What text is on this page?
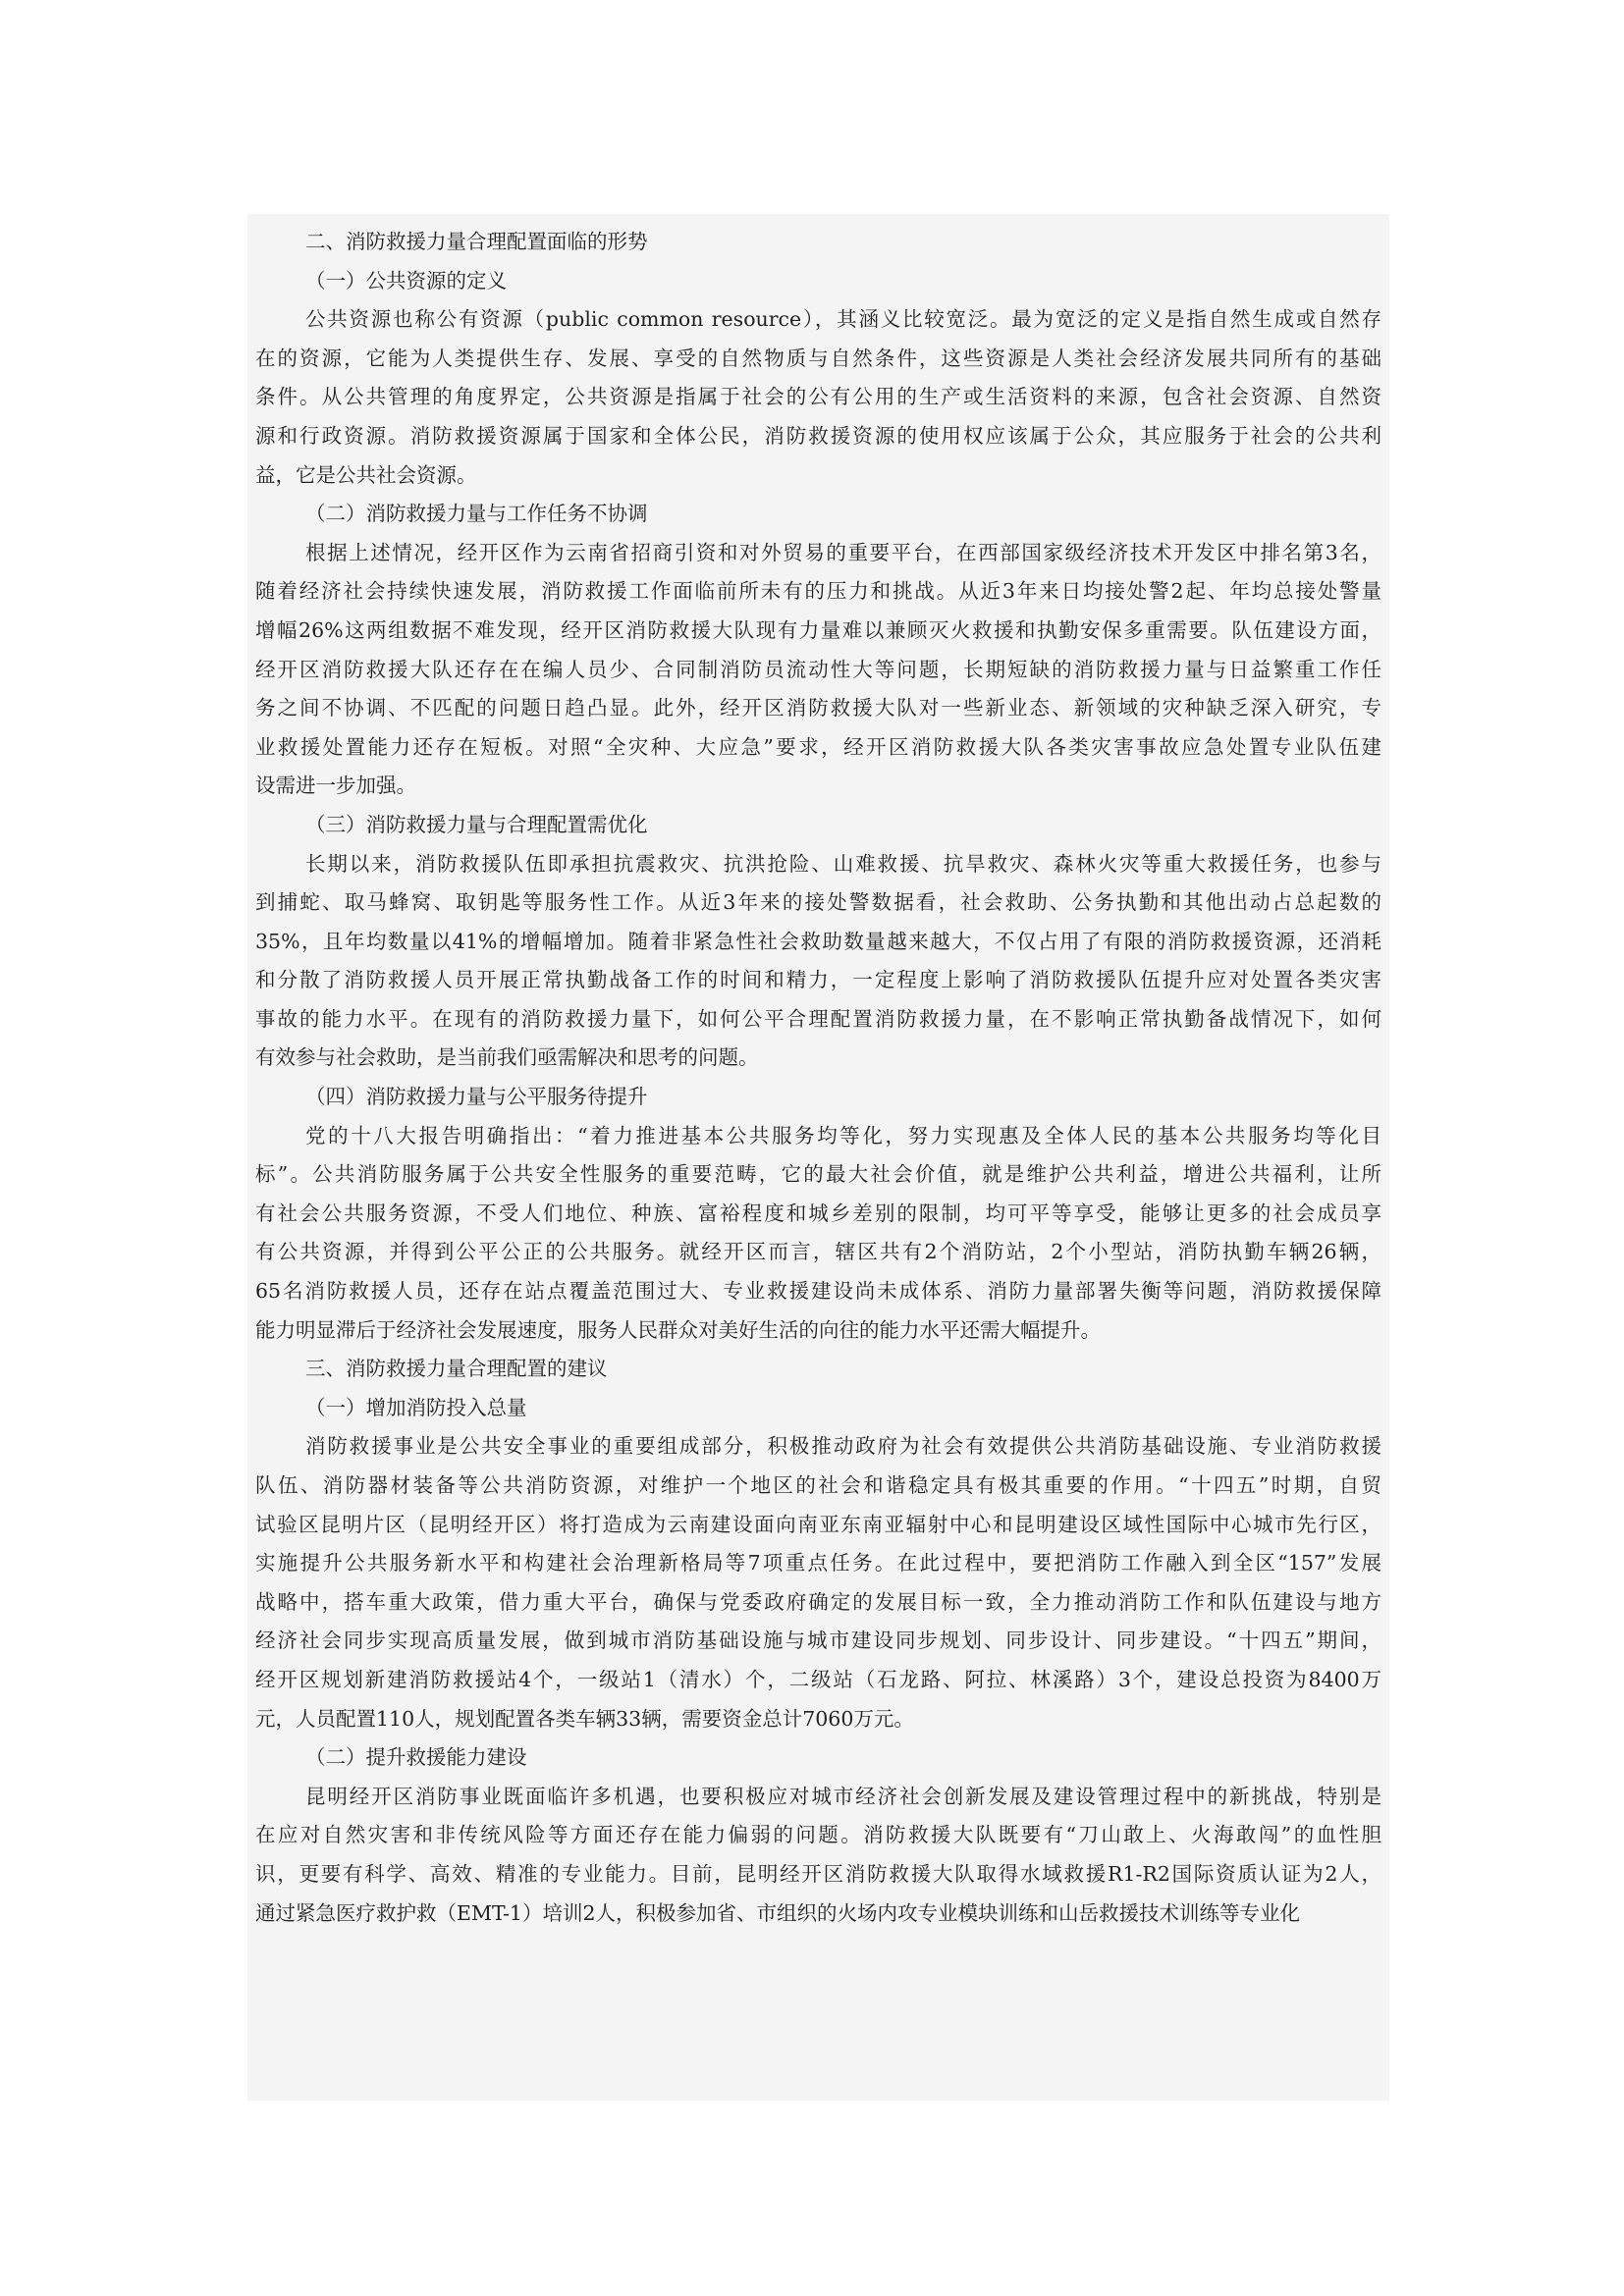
二、消防救援力量合理配置面临的形势
（一）公共资源的定义
公共资源也称公有资源（public common resource），其涵义比较宽泛。最为宽泛的定义是指自然生成或自然存
在的资源，它能为人类提供生存、发展、享受的自然物质与自然条件，这些资源是人类社会经济发展共同所有的基础
条件。从公共管理的角度界定，公共资源是指属于社会的公有公用的生产或生活资料的来源，包含社会资源、自然资
源和行政资源。消防救援资源属于国家和全体公民，消防救援资源的使用权应该属于公众，其应服务于社会的公共利
益，它是公共社会资源。
（二）消防救援力量与工作任务不协调
根据上述情况，经开区作为云南省招商引资和对外贸易的重要平台，在西部国家级经济技术开发区中排名第3名，
随着经济社会持续快速发展，消防救援工作面临前所未有的压力和挑战。从近3年来日均接处警2起、年均总接处警量
增幅26%这两组数据不难发现，经开区消防救援大队现有力量难以兼顾灭火救援和执勤安保多重需要。队伍建设方面，
经开区消防救援大队还存在在编人员少、合同制消防员流动性大等问题，长期短缺的消防救援力量与日益繁重工作任
务之间不协调、不匹配的问题日趋凸显。此外，经开区消防救援大队对一些新业态、新领域的灾种缺乏深入研究，专
业救援处置能力还存在短板。对照“全灾种、大应急”要求，经开区消防救援大队各类灾害事故应急处置专业队伍建
设需进一步加强。
（三）消防救援力量与合理配置需优化
长期以来，消防救援队伍即承担抗震救灾、抗洪抢险、山难救援、抗旱救灾、森林火灾等重大救援任务，也参与
到捕蛇、取马蜂窝、取钥匙等服务性工作。从近3年来的接处警数据看，社会救助、公务执勤和其他出动占总起数的
35%，且年均数量以41%的增幅增加。随着非紧急性社会救助数量越来越大，不仅占用了有限的消防救援资源，还消耗
和分散了消防救援人员开展正常执勤战备工作的时间和精力，一定程度上影响了消防救援队伍提升应对处置各类灾害
事故的能力水平。在现有的消防救援力量下，如何公平合理配置消防救援力量，在不影响正常执勤备战情况下，如何
有效参与社会救助，是当前我们亟需解决和思考的问题。
（四）消防救援力量与公平服务待提升
党的十八大报告明确指出：“着力推进基本公共服务均等化，努力实现惠及全体人民的基本公共服务均等化目
标”。公共消防服务属于公共安全性服务的重要范畴，它的最大社会价值，就是维护公共利益，增进公共福利，让所
有社会公共服务资源，不受人们地位、种族、富裕程度和城乡差别的限制，均可平等享受，能够让更多的社会成员享
有公共资源，并得到公平公正的公共服务。就经开区而言，辖区共有2个消防站，2个小型站，消防执勤车辆26辆，
65名消防救援人员，还存在站点覆盖范围过大、专业救援建设尚未成体系、消防力量部署失衡等问题，消防救援保障
能力明显滞后于经济社会发展速度，服务人民群众对美好生活的向往的能力水平还需大幅提升。
三、消防救援力量合理配置的建议
（一）增加消防投入总量
消防救援事业是公共安全事业的重要组成部分，积极推动政府为社会有效提供公共消防基础设施、专业消防救援
队伍、消防器材装备等公共消防资源，对维护一个地区的社会和谐稳定具有极其重要的作用。“十四五”时期，自贸
试验区昆明片区（昆明经开区）将打造成为云南建设面向南亚东南亚辐射中心和昆明建设区域性国际中心城市先行区，
实施提升公共服务新水平和构建社会治理新格局等7项重点任务。在此过程中，要把消防工作融入到全区“157”发展
战略中，搭车重大政策，借力重大平台，确保与党委政府确定的发展目标一致，全力推动消防工作和队伍建设与地方
经济社会同步实现高质量发展，做到城市消防基础设施与城市建设同步规划、同步设计、同步建设。“十四五”期间，
经开区规划新建消防救援站4个，一级站1（清水）个，二级站（石龙路、阿拉、林溪路）3个，建设总投资为8400万
元，人员配置110人，规划配置各类车辆33辆，需要资金总计7060万元。
（二）提升救援能力建设
昆明经开区消防事业既面临许多机遇，也要积极应对城市经济社会创新发展及建设管理过程中的新挑战，特别是
在应对自然灾害和非传统风险等方面还存在能力偏弱的问题。消防救援大队既要有“刀山敢上、火海敢闯”的血性胆
识，更要有科学、高效、精准的专业能力。目前，昆明经开区消防救援大队取得水域救援R1-R2国际资质认证为2人，
通过紧急医疗救护救（EMT-1）培训2人，积极参加省、市组织的火场内攻专业模块训练和山岳救援技术训练等专业化
